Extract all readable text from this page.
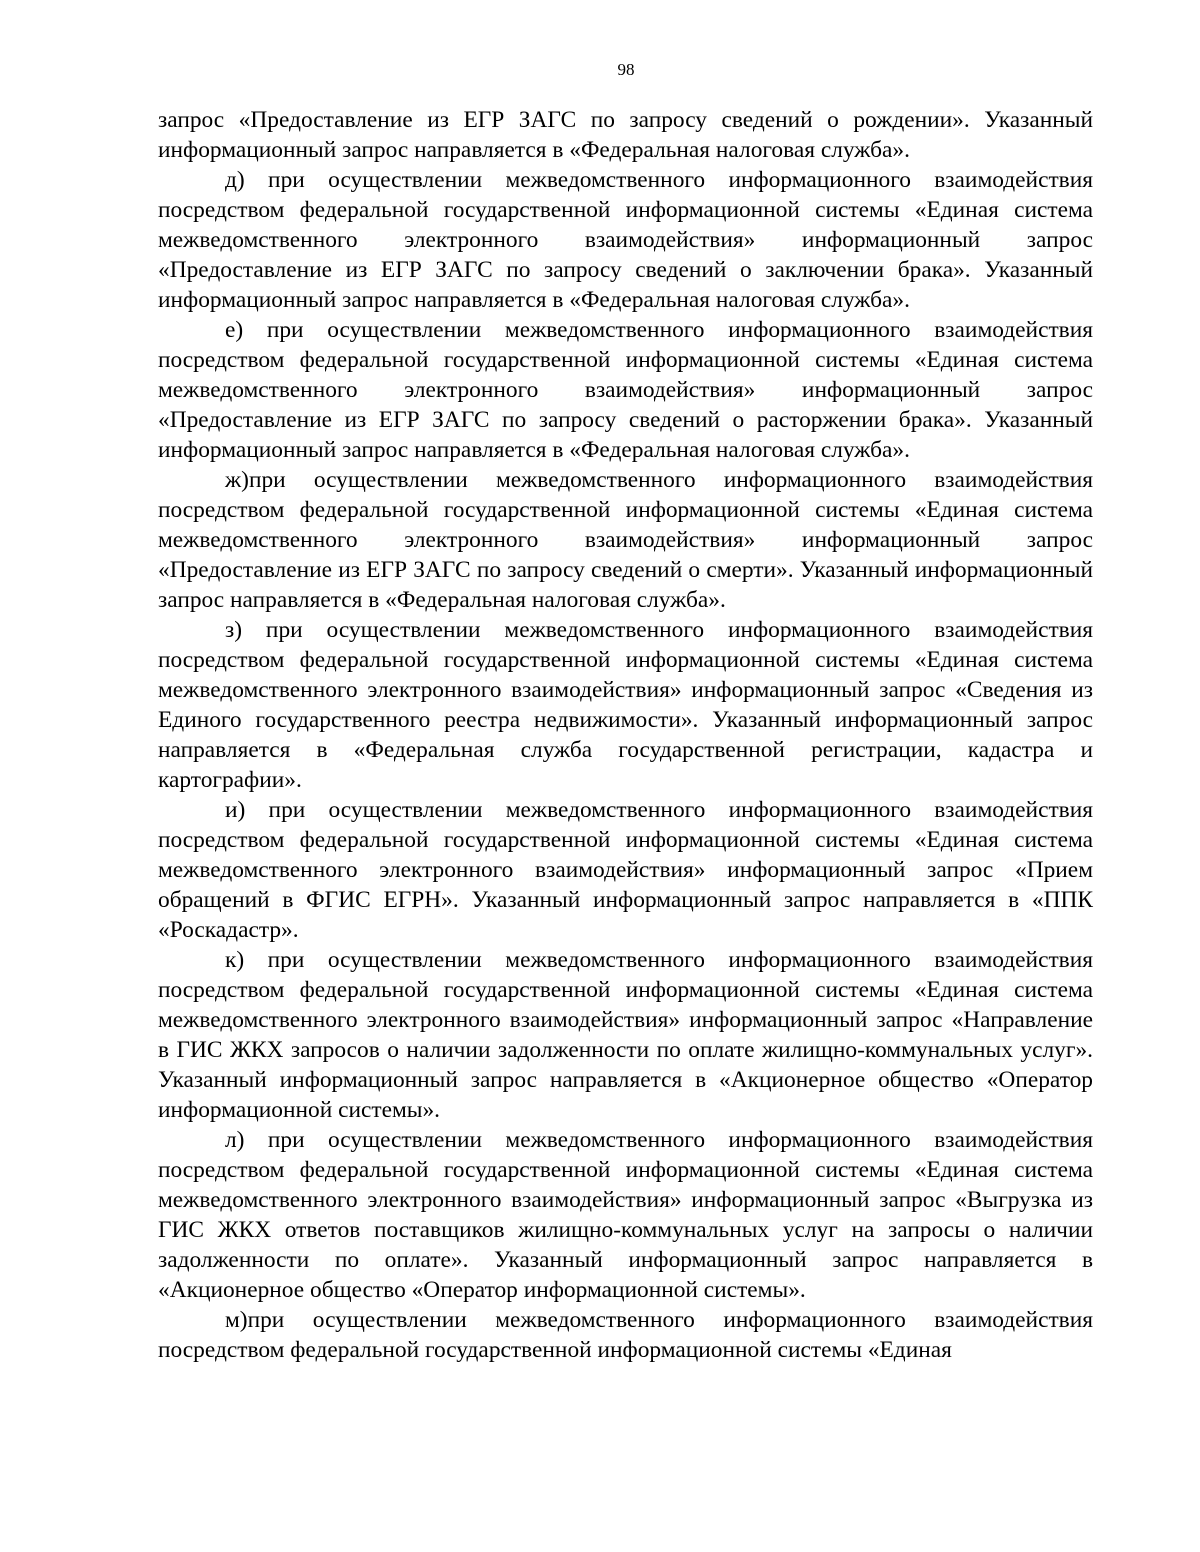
98

запрос «Предоставление из ЕГР ЗАГС по запросу сведений о рождении». Указанный информационный запрос направляется в «Федеральная налоговая служба».

д) при осуществлении межведомственного информационного взаимодействия посредством федеральной государственной информационной системы «Единая система межведомственного электронного взаимодействия» информационный запрос «Предоставление из ЕГР ЗАГС по запросу сведений о заключении брака». Указанный информационный запрос направляется в «Федеральная налоговая служба».

е) при осуществлении межведомственного информационного взаимодействия посредством федеральной государственной информационной системы «Единая система межведомственного электронного взаимодействия» информационный запрос «Предоставление из ЕГР ЗАГС по запросу сведений о расторжении брака». Указанный информационный запрос направляется в «Федеральная налоговая служба».

ж)при осуществлении межведомственного информационного взаимодействия посредством федеральной государственной информационной системы «Единая система межведомственного электронного взаимодействия» информационный запрос «Предоставление из ЕГР ЗАГС по запросу сведений о смерти». Указанный информационный запрос направляется в «Федеральная налоговая служба».

з) при осуществлении межведомственного информационного взаимодействия посредством федеральной государственной информационной системы «Единая система межведомственного электронного взаимодействия» информационный запрос «Сведения из Единого государственного реестра недвижимости». Указанный информационный запрос направляется в «Федеральная служба государственной регистрации, кадастра и картографии».

и) при осуществлении межведомственного информационного взаимодействия посредством федеральной государственной информационной системы «Единая система межведомственного электронного взаимодействия» информационный запрос «Прием обращений в ФГИС ЕГРН». Указанный информационный запрос направляется в «ППК «Роскадастр».

к) при осуществлении межведомственного информационного взаимодействия посредством федеральной государственной информационной системы «Единая система межведомственного электронного взаимодействия» информационный запрос «Направление в ГИС ЖКХ запросов о наличии задолженности по оплате жилищно-коммунальных услуг». Указанный информационный запрос направляется в «Акционерное общество «Оператор информационной системы».

л) при осуществлении межведомственного информационного взаимодействия посредством федеральной государственной информационной системы «Единая система межведомственного электронного взаимодействия» информационный запрос «Выгрузка из ГИС ЖКХ ответов поставщиков жилищно-коммунальных услуг на запросы о наличии задолженности по оплате». Указанный информационный запрос направляется в «Акционерное общество «Оператор информационной системы».

м)при осуществлении межведомственного информационного взаимодействия посредством федеральной государственной информационной системы «Единая
